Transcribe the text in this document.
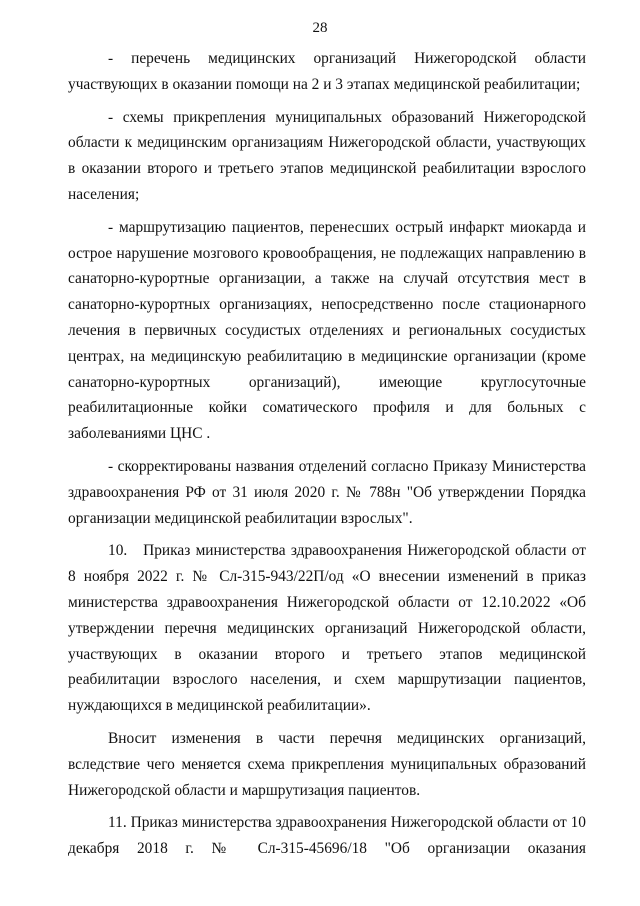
28

- перечень медицинских организаций Нижегородской области участвующих в оказании помощи на 2 и 3 этапах медицинской реабилитации;

- схемы прикрепления муниципальных образований Нижегородской области к медицинским организациям Нижегородской области, участвующих в оказании второго и третьего этапов медицинской реабилитации взрослого населения;

- маршрутизацию пациентов, перенесших острый инфаркт миокарда и острое нарушение мозгового кровообращения, не подлежащих направлению в санаторно-курортные организации, а также на случай отсутствия мест в санаторно-курортных организациях, непосредственно после стационарного лечения в первичных сосудистых отделениях и региональных сосудистых центрах, на медицинскую реабилитацию в медицинские организации (кроме санаторно-курортных организаций), имеющие круглосуточные реабилитационные койки соматического профиля и для больных с заболеваниями ЦНС .

- скорректированы названия отделений согласно Приказу Министерства здравоохранения РФ от 31 июля 2020 г. № 788н "Об утверждении Порядка организации медицинской реабилитации взрослых".

10.   Приказ министерства здравоохранения Нижегородской области от 8 ноября 2022 г. № Сл-315-943/22П/од «О внесении изменений в приказ министерства здравоохранения Нижегородской области от 12.10.2022 «Об утверждении перечня медицинских организаций Нижегородской области, участвующих в оказании второго и третьего этапов медицинской реабилитации взрослого населения, и схем маршрутизации пациентов, нуждающихся в медицинской реабилитации».

Вносит изменения в части перечня медицинских организаций, вследствие чего меняется схема прикрепления муниципальных образований Нижегородской области и маршрутизация пациентов.

11. Приказ министерства здравоохранения Нижегородской области от 10 декабря 2018 г. № Сл-315-45696/18 "Об организации оказания
